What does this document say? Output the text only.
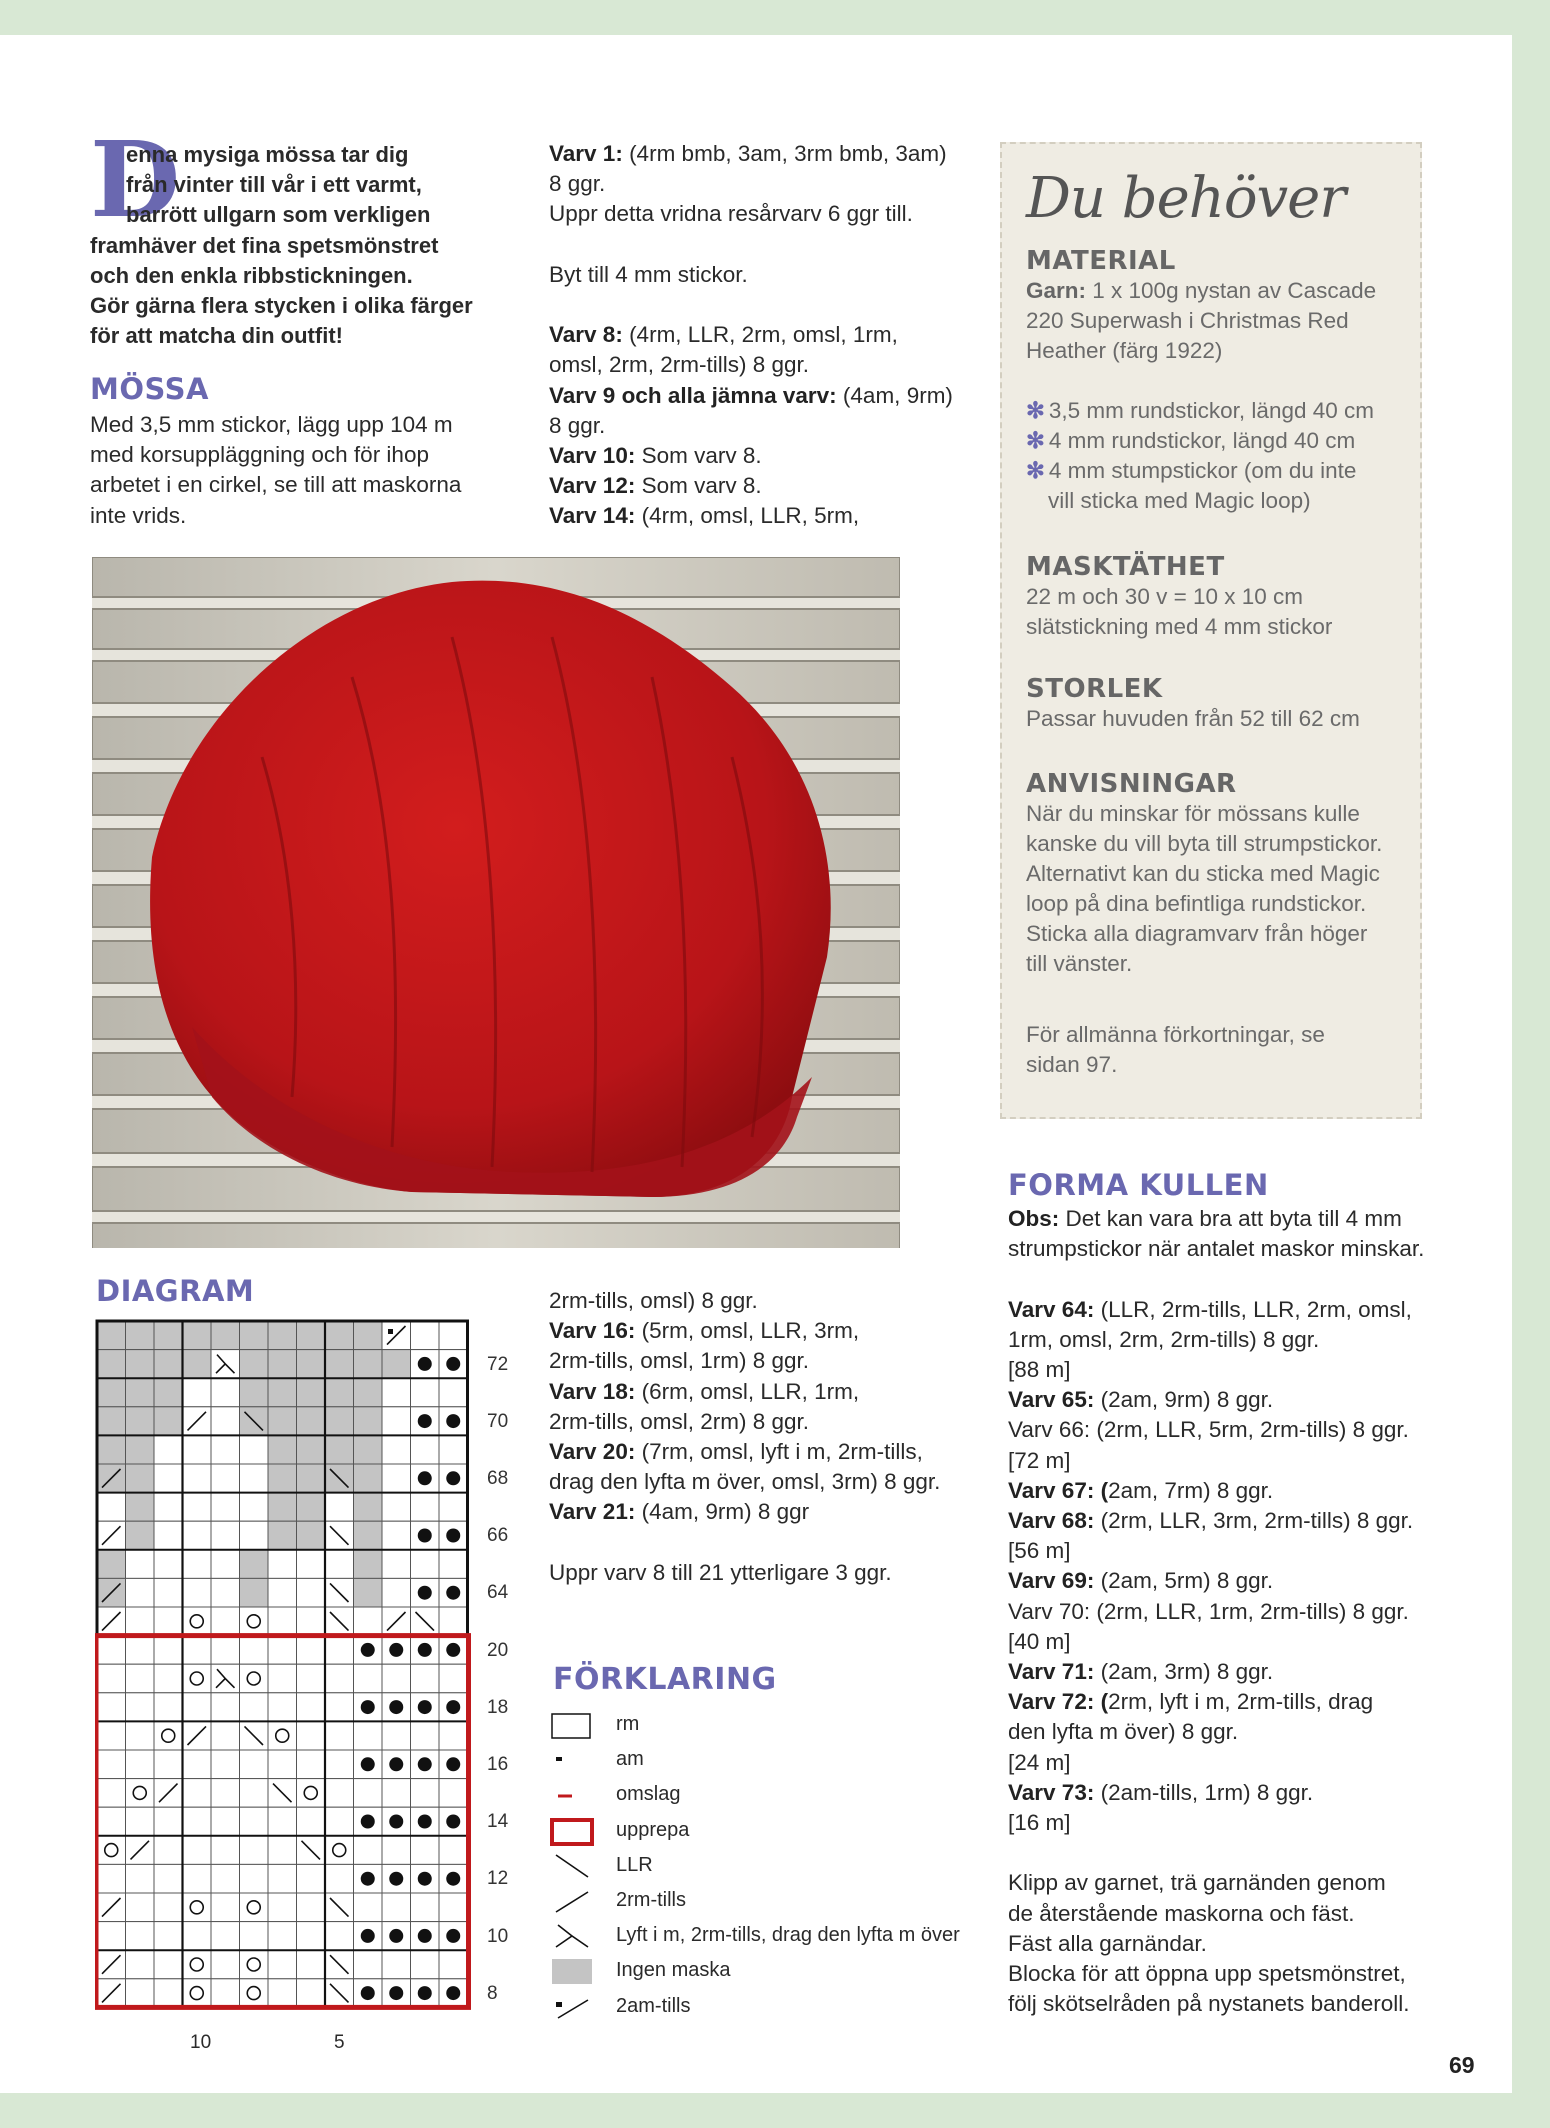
D
enna mysiga mössa tar dig
från vinter till vår i ett varmt,
barrött ullgarn som verkligen
framhäver det fina spetsmönstret
och den enkla ribbstickningen.
Gör gärna flera stycken i olika färger
för att matcha din outfit!
MÖSSA
Med 3,5 mm stickor, lägg upp 104 m
med korsuppläggning och för ihop
arbetet i en cirkel, se till att maskorna
inte vrids.
Varv 1: (4rm bmb, 3am, 3rm bmb, 3am)
8 ggr.
Uppr detta vridna resårvarv 6 ggr till.

Byt till 4 mm stickor.

Varv 8: (4rm, LLR, 2rm, omsl, 1rm,
omsl, 2rm, 2rm-tills) 8 ggr.
Varv 9 och alla jämna varv: (4am, 9rm)
8 ggr.
Varv 10: Som varv 8.
Varv 12: Som varv 8.
Varv 14: (4rm, omsl, LLR, 5rm,
2rm-tills, omsl) 8 ggr.
Varv 16: (5rm, omsl, LLR, 3rm,
2rm-tills, omsl, 1rm) 8 ggr.
Varv 18: (6rm, omsl, LLR, 1rm,
2rm-tills, omsl, 2rm) 8 ggr.
Varv 20: (7rm, omsl, lyft i m, 2rm-tills,
drag den lyfta m över, omsl, 3rm) 8 ggr.
Varv 21: (4am, 9rm) 8 ggr

Uppr varv 8 till 21 ytterligare 3 ggr.
Du behöver
MATERIAL
Garn: 1 x 100g nystan av Cascade
220 Superwash i Christmas Red
Heather (färg 1922)
✻ 3,5 mm rundstickor, längd 40 cm
✻ 4 mm rundstickor, längd 40 cm
✻ 4 mm stumpstickor (om du inte
vill sticka med Magic loop)
MASKTÄTHET
22 m och 30 v = 10 x 10 cm
slätstickning med 4 mm stickor
STORLEK
Passar huvuden från 52 till 62 cm
ANVISNINGAR
När du minskar för mössans kulle
kanske du vill byta till strumpstickor.
Alternativt kan du sticka med Magic
loop på dina befintliga rundstickor.
Sticka alla diagramvarv från höger
till vänster.
För allmänna förkortningar, se
sidan 97.
FORMA KULLEN
Obs: Det kan vara bra att byta till 4 mm
strumpstickor när antalet maskor minskar.

Varv 64: (LLR, 2rm-tills, LLR, 2rm, omsl,
1rm, omsl, 2rm, 2rm-tills) 8 ggr.
[88 m]
Varv 65: (2am, 9rm) 8 ggr.
Varv 66: (2rm, LLR, 5rm, 2rm-tills) 8 ggr.
[72 m]
Varv 67: (2am, 7rm) 8 ggr.
Varv 68: (2rm, LLR, 3rm, 2rm-tills) 8 ggr.
[56 m]
Varv 69: (2am, 5rm) 8 ggr.
Varv 70: (2rm, LLR, 1rm, 2rm-tills) 8 ggr.
[40 m]
Varv 71: (2am, 3rm) 8 ggr.
Varv 72: (2rm, lyft i m, 2rm-tills, drag
den lyfta m över) 8 ggr.
[24 m]
Varv 73: (2am-tills, 1rm) 8 ggr.
[16 m]

Klipp av garnet, trä garnänden genom
de återstående maskorna och fäst.
Fäst alla garnändar.
Blocka för att öppna upp spetsmönstret,
följ skötselråden på nystanets banderoll.
DIAGRAM
72
70
68
66
64
20
18
16
14
12
10
8
10	5
FÖRKLARING
rm
am
omslag
upprepa
LLR
2rm-tills
Lyft i m, 2rm-tills, drag den lyfta m över
Ingen maska
2am-tills
69
